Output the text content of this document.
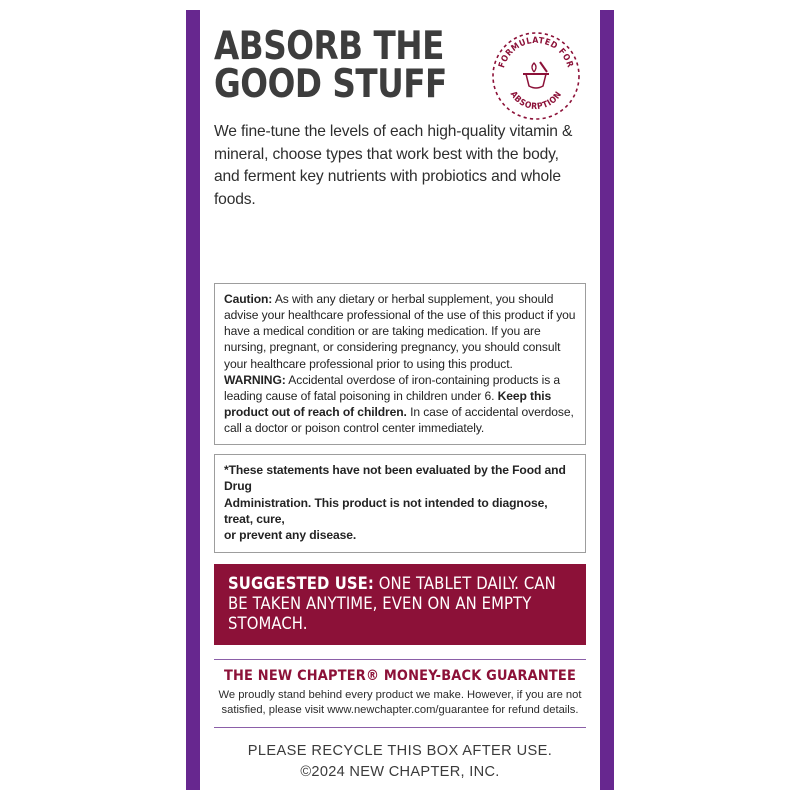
ABSORB THE
GOOD STUFF	FORMULATED FOR
ABSORPTION
We fine-tune the levels of each high-quality vitamin & mineral, choose types that work best with the body, and ferment key nutrients with probiotics and whole foods.
Caution: As with any dietary or herbal supplement, you should advise your healthcare professional of the use of this product if you have a medical condition or are taking medication. If you are nursing, pregnant, or considering pregnancy, you should consult your healthcare professional prior to using this product. WARNING: Accidental overdose of iron-containing products is a leading cause of fatal poisoning in children under 6. Keep this product out of reach of children. In case of accidental overdose, call a doctor or poison control center immediately.
*These statements have not been evaluated by the Food and Drug
Administration. This product is not intended to diagnose, treat, cure,
or prevent any disease.
SUGGESTED USE: ONE TABLET DAILY. CAN BE TAKEN ANYTIME, EVEN ON AN EMPTY STOMACH.
THE NEW CHAPTER® MONEY-BACK GUARANTEE
We proudly stand behind every product we make. However, if you are not satisfied, please visit www.newchapter.com/guarantee for refund details.
PLEASE RECYCLE THIS BOX AFTER USE.
©2024 NEW CHAPTER, INC.
